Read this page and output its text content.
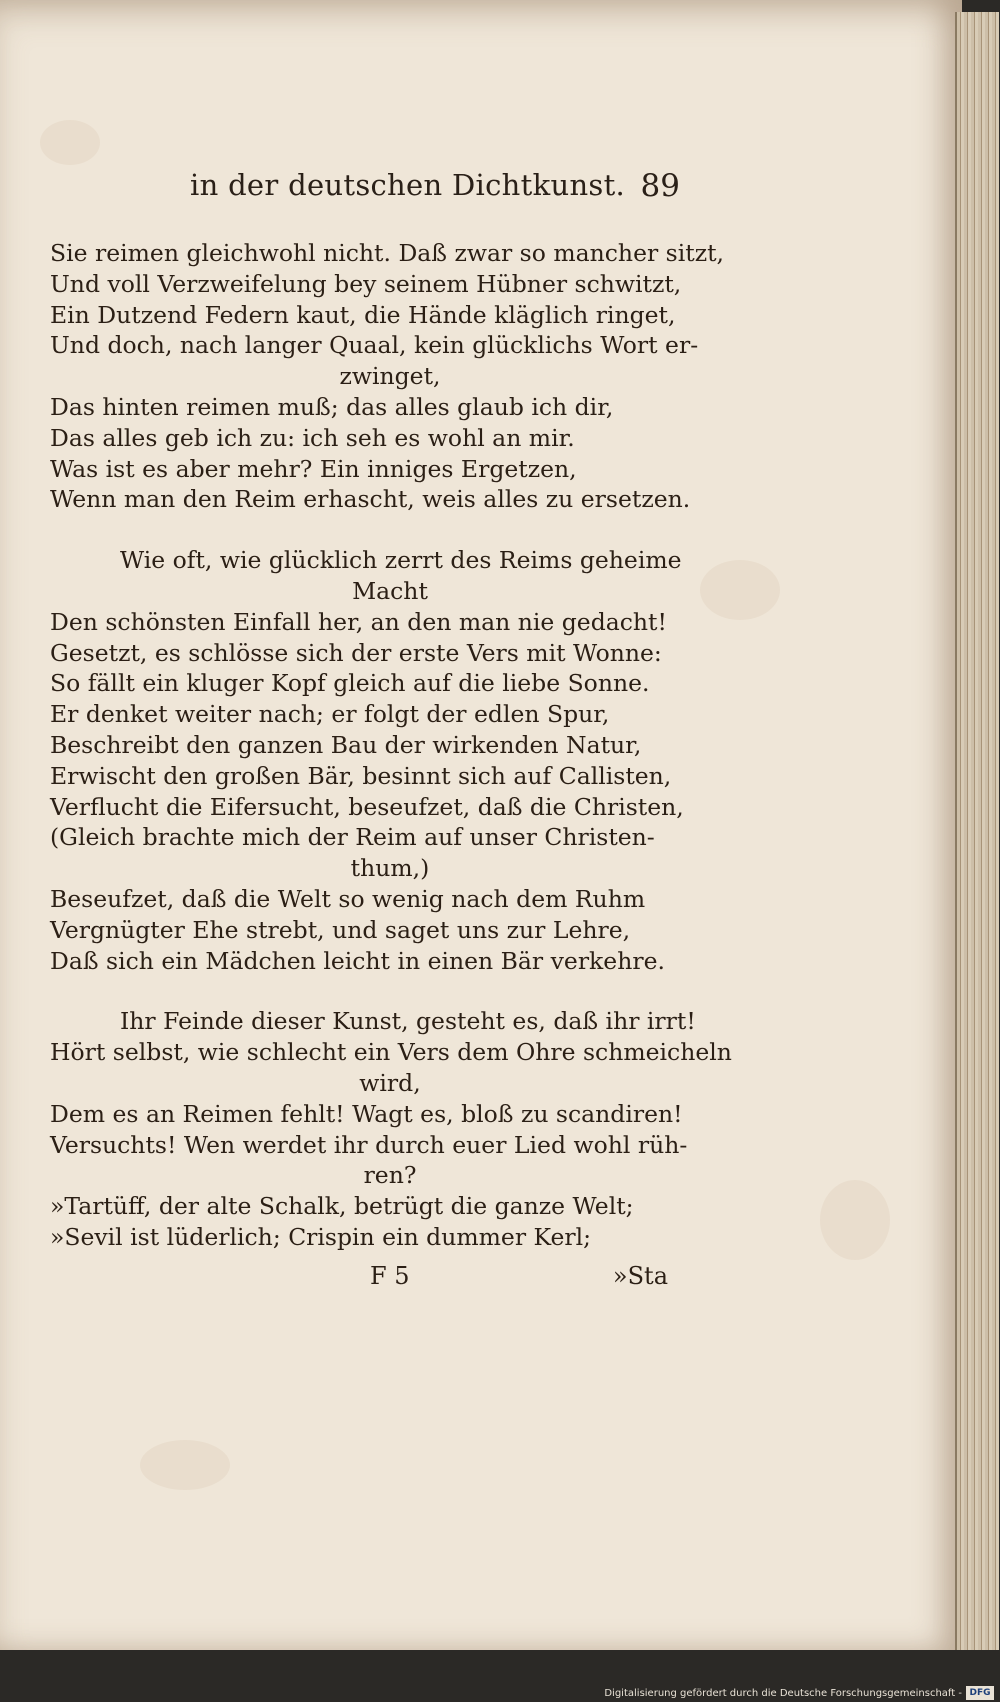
in der deutschen Dichtkunst. 89
Sie reimen gleichwohl nicht. Daß zwar so mancher sitzt,
Und voll Verzweifelung bey seinem Hübner schwitzt,
Ein Dutzend Federn kaut, die Hände kläglich ringet,
Und doch, nach langer Quaal, kein glücklichs Wort er-
zwinget,
Das hinten reimen muß; das alles glaub ich dir,
Das alles geb ich zu: ich seh es wohl an mir.
Was ist es aber mehr? Ein inniges Ergetzen,
Wenn man den Reim erhascht, weis alles zu ersetzen.
Wie oft, wie glücklich zerrt des Reims geheime
Macht
Den schönsten Einfall her, an den man nie gedacht!
Gesetzt, es schlösse sich der erste Vers mit Wonne:
So fällt ein kluger Kopf gleich auf die liebe Sonne.
Er denket weiter nach; er folgt der edlen Spur,
Beschreibt den ganzen Bau der wirkenden Natur,
Erwischt den großen Bär, besinnt sich auf Callisten,
Verflucht die Eifersucht, beseufzet, daß die Christen,
(Gleich brachte mich der Reim auf unser Christen-
thum,)
Beseufzet, daß die Welt so wenig nach dem Ruhm
Vergnügter Ehe strebt, und saget uns zur Lehre,
Daß sich ein Mädchen leicht in einen Bär verkehre.
Ihr Feinde dieser Kunst, gesteht es, daß ihr irrt!
Hört selbst, wie schlecht ein Vers dem Ohre schmeicheln
wird,
Dem es an Reimen fehlt! Wagt es, bloß zu scandiren!
Versuchts! Wen werdet ihr durch euer Lied wohl rüh-
ren?
»Tartüff, der alte Schalk, betrügt die ganze Welt;
»Sevil ist lüderlich; Crispin ein dummer Kerl;
F 5	»Sta
Digitalisierung gefördert durch die Deutsche Forschungsgemeinschaft - DFG
